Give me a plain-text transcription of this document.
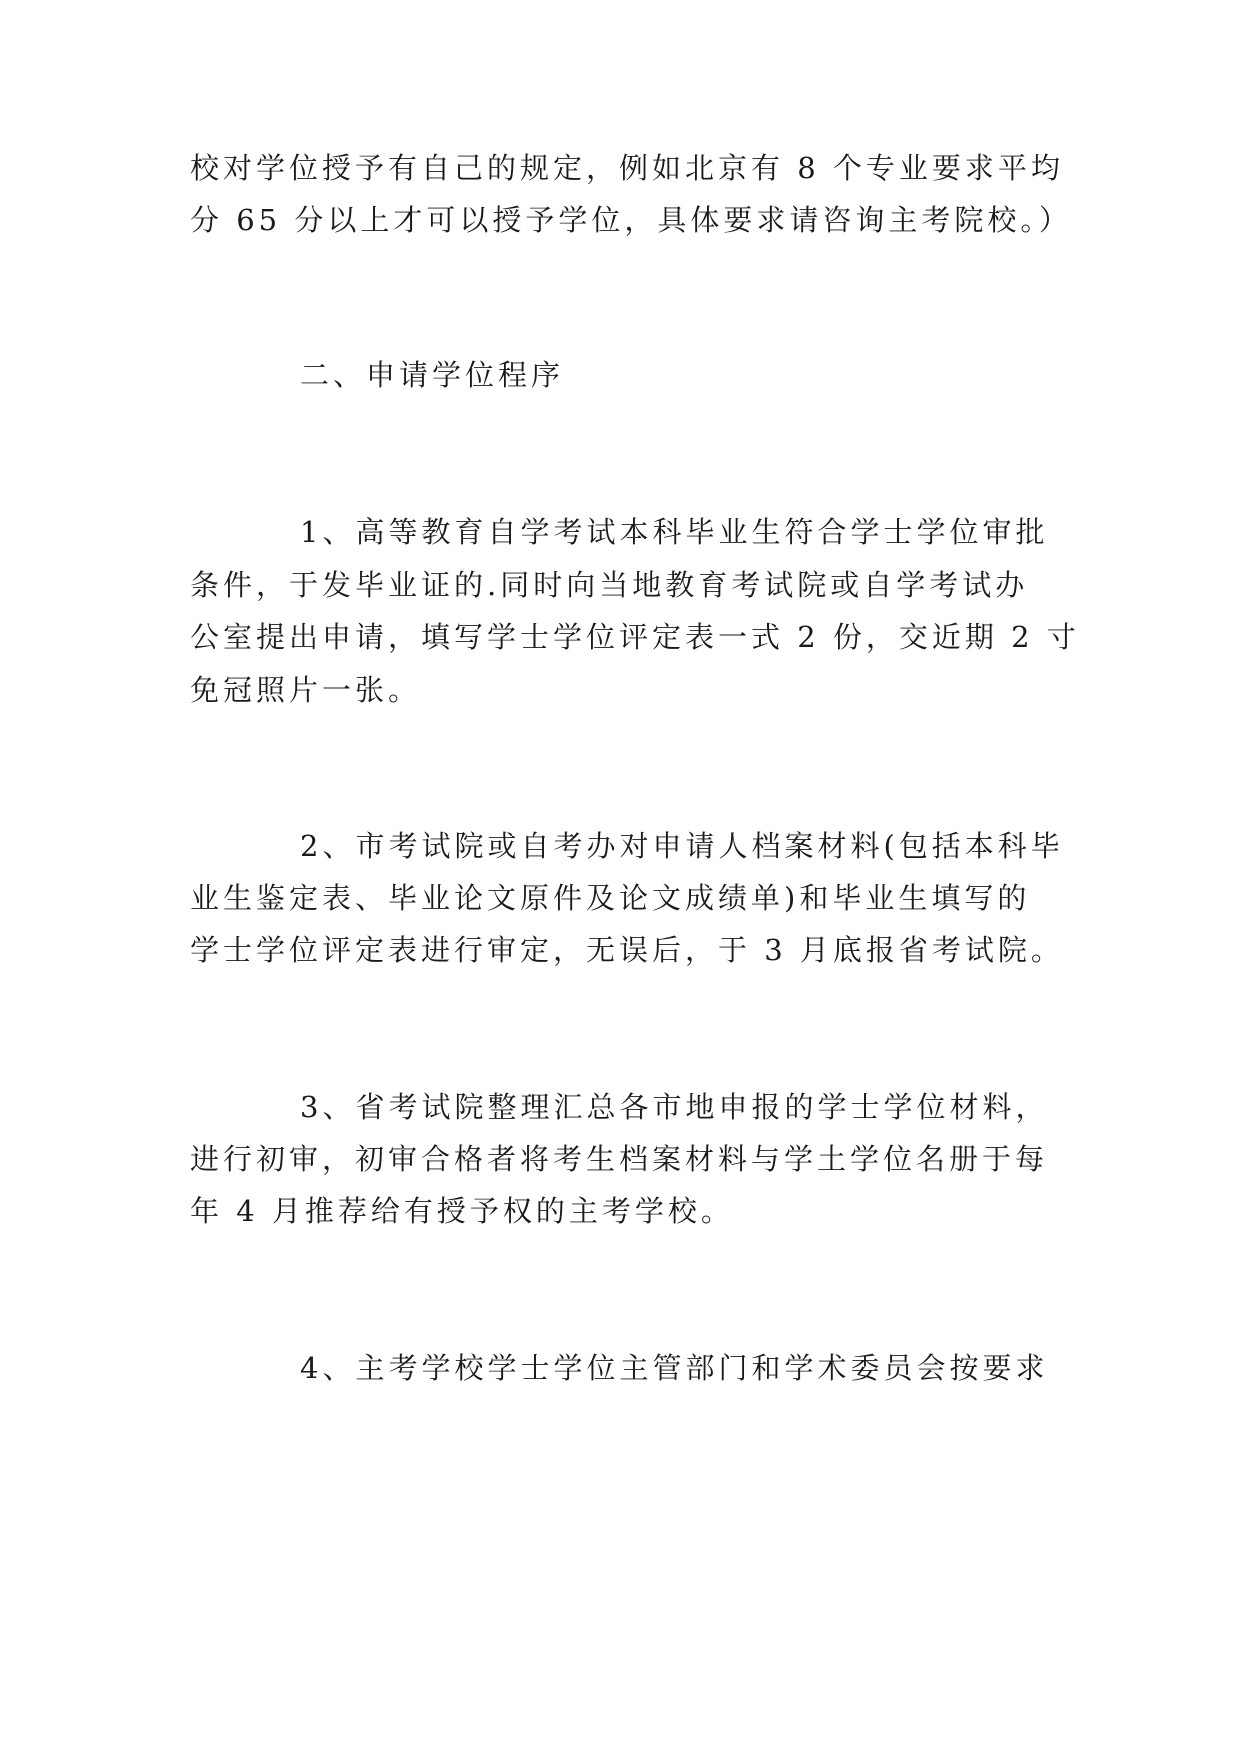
校对学位授予有自己的规定，例如北京有 8 个专业要求平均
分 65 分以上才可以授予学位，具体要求请咨询主考院校。）
二、申请学位程序
1、高等教育自学考试本科毕业生符合学士学位审批
条件，于发毕业证的.同时向当地教育考试院或自学考试办
公室提出申请，填写学士学位评定表一式 2 份，交近期 2 寸
免冠照片一张。
2、市考试院或自考办对申请人档案材料(包括本科毕
业生鉴定表、毕业论文原件及论文成绩单)和毕业生填写的
学士学位评定表进行审定，无误后，于 3 月底报省考试院。
3、省考试院整理汇总各市地申报的学士学位材料，
进行初审，初审合格者将考生档案材料与学土学位名册于每
年 4 月推荐给有授予权的主考学校。
4、主考学校学士学位主管部门和学术委员会按要求
